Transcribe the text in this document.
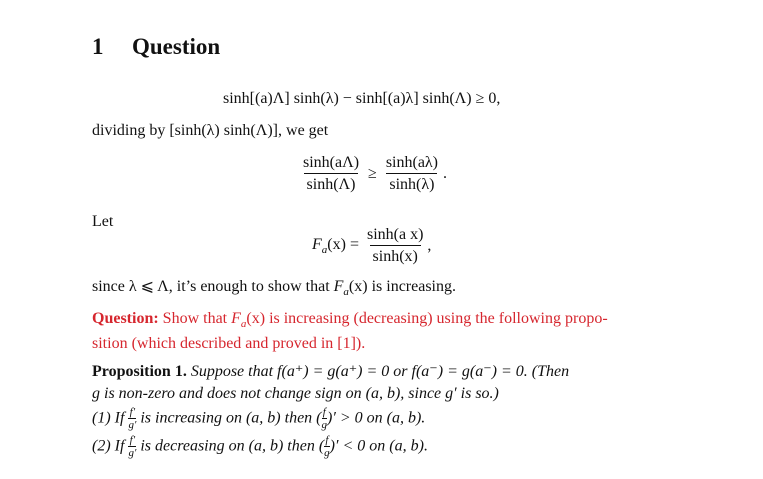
1 Question
sinh[(a)Λ] sinh(λ) − sinh[(a)λ] sinh(Λ) ≥ 0,
dividing by [sinh(λ) sinh(Λ)], we get
$\frac{\sinh(a\Lambda)}{\sinh(\Lambda)} \ge \frac{\sinh(a\lambda)}{\sinh(\lambda)}$ .
Let
$F_a(x) = \frac{\text{sinh(a x)}}{\sinh(x)}$ ,
since λ ⩽ Λ, it’s enough to show that $F_a(x)$ is increasing.
Question: Show that $F_a(x)$ is increasing (decreasing) using the following propo-
sition (which described and proved in [1]).
Proposition 1. Suppose that f(a⁺) = g(a⁺) = 0 or f(a⁻) = g(a⁻) = 0. (Then
g is non-zero and does not change sign on (a, b), since g′ is so.)
(1) If $\frac{f'}{g'}$ is increasing on (a, b) then ( $\frac{f}{g}$ )′ > 0 on (a, b).
(2) If $\frac{f'}{g'}$ is decreasing on (a, b) then ( $\frac{f}{g}$ )′ < 0 on (a, b).
